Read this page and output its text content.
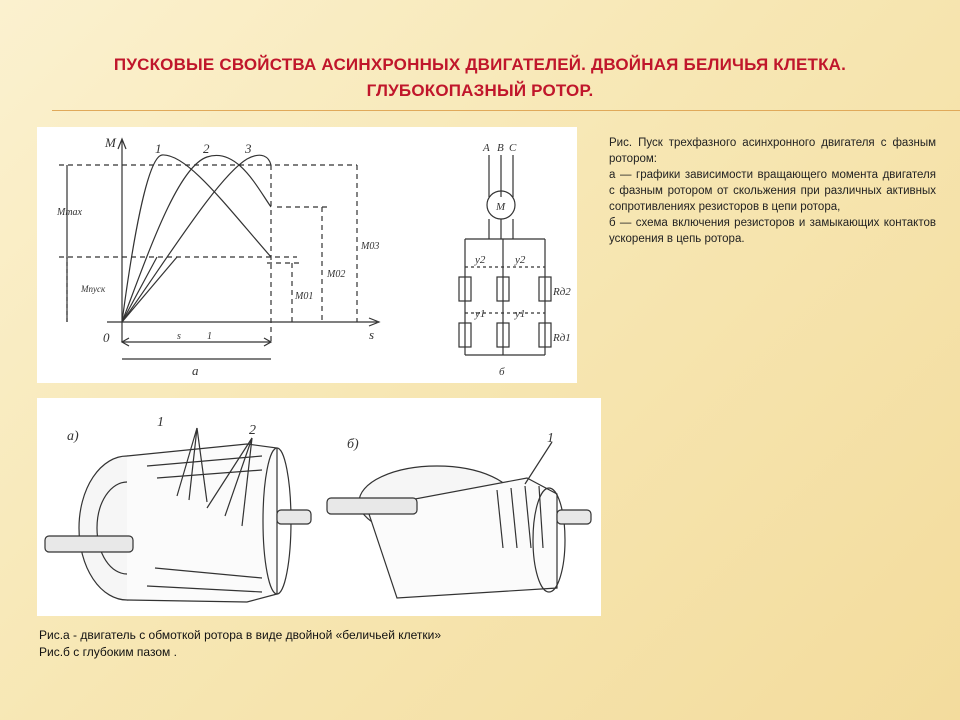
ПУСКОВЫЕ СВОЙСТВА АСИНХРОННЫХ ДВИГАТЕЛЕЙ. ДВОЙНАЯ БЕЛИЧЬЯ КЛЕТКА.
ГЛУБОКОПАЗНЫЙ РОТОР.
M
s
0
1	2	3
Mmax
Mпуск
M02
M03
M01
s	1
а
A B C
M
у2	у2
у1	у1
Rд2
Rд1
б
а)
б)
1
2
1
Рис. Пуск трехфазного асинхронного двигателя с фазным ротором:
а — графики зависимости вращающего момента двигателя с фазным ротором от скольжения при различных активных сопротивлениях резисторов в цепи ротора,
б — схема включения резисторов и замыкающих контактов ускорения в цепь ротора.
Рис.а - двигатель с обмоткой ротора в виде двойной «беличьей клетки»
Рис.б с глубоким пазом .
